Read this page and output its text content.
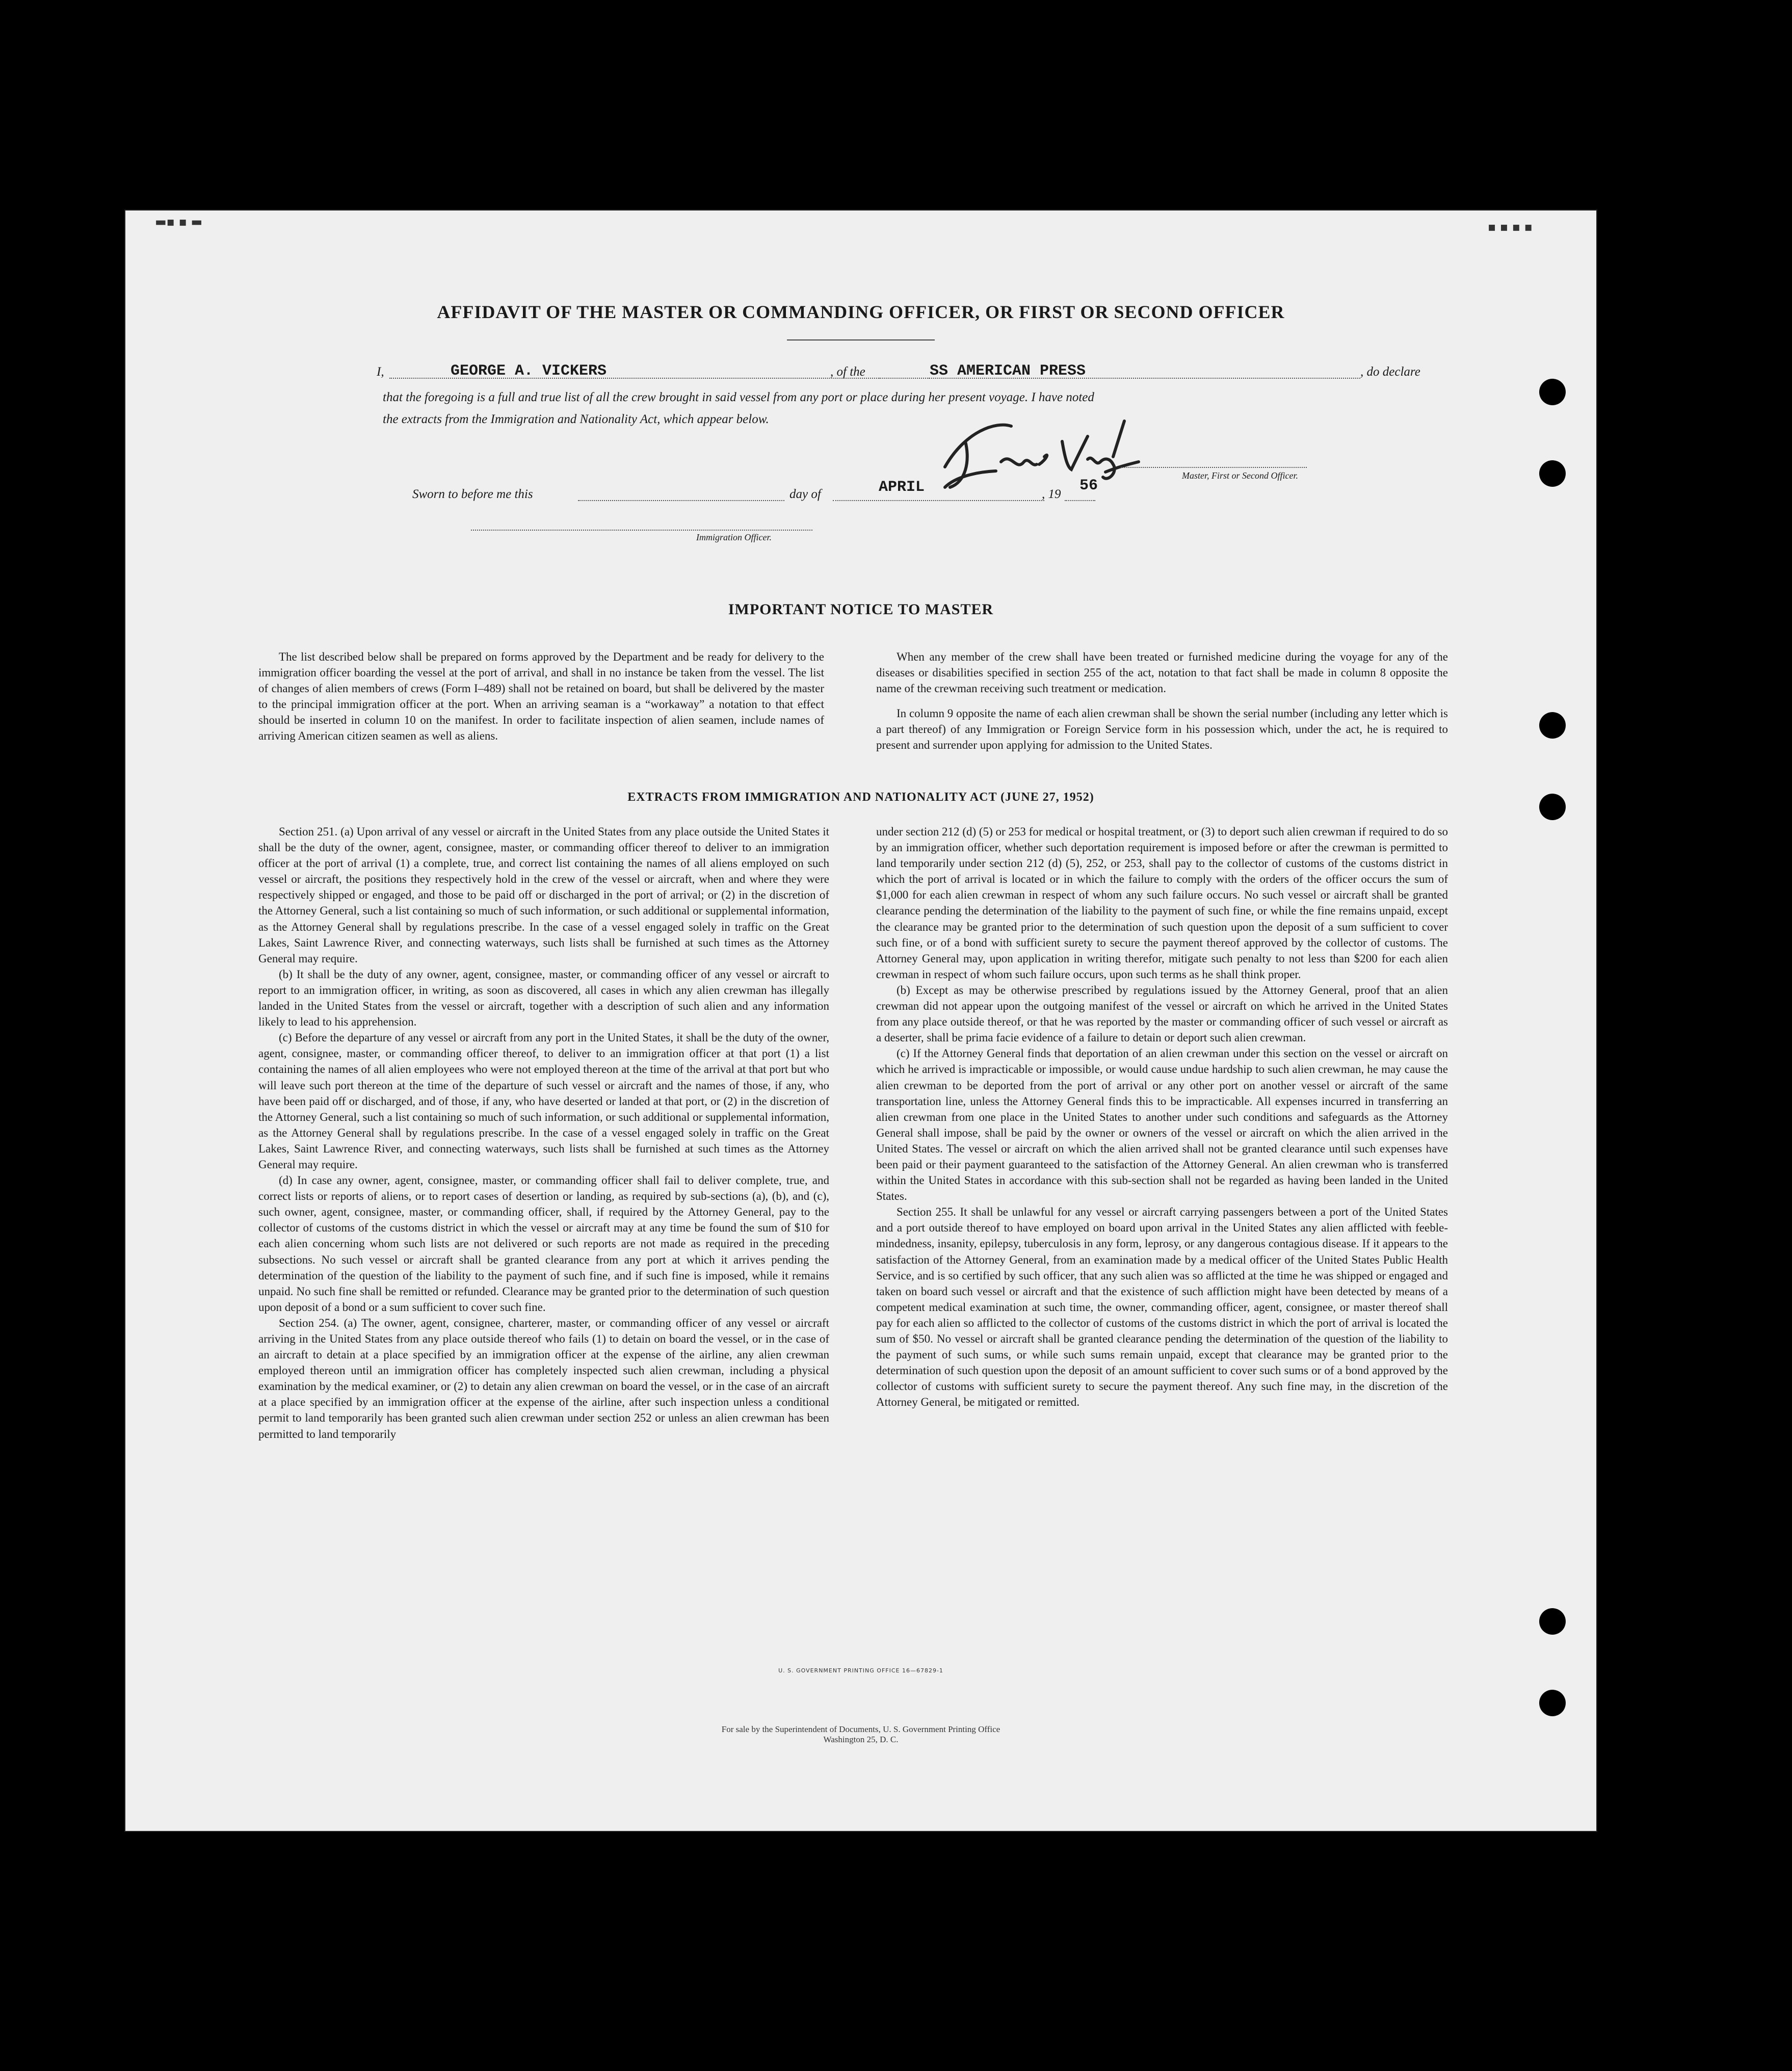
▬▪ ▪ ▬	▪ ▪ ▪ ▪
AFFIDAVIT OF THE MASTER OR COMMANDING OFFICER, OR FIRST OR SECOND OFFICER
I,	GEORGE A. VICKERS	, of the	SS AMERICAN PRESS	, do declare
that the foregoing is a full and true list of all the crew brought in said vessel from any port or place during her present voyage. I have noted
the extracts from the Immigration and Nationality Act, which appear below.
Master, First or Second Officer.
Sworn to before me this	day of	APRIL	, 19 56
Immigration Officer.
IMPORTANT NOTICE TO MASTER

The list described below shall be prepared on forms approved by the Department and be ready for delivery to the immigration officer boarding the vessel at the port of arrival, and shall in no instance be taken from the vessel. The list of changes of alien members of crews (Form I–489) shall not be retained on board, but shall be delivered by the master to the principal immigration officer at the port. When an arriving seaman is a “workaway” a notation to that effect should be inserted in column 10 on the manifest. In order to facilitate inspection of alien seamen, include names of arriving American citizen seamen as well as aliens.

When any member of the crew shall have been treated or furnished medicine during the voyage for any of the diseases or disabilities specified in section 255 of the act, notation to that fact shall be made in column 8 opposite the name of the crewman receiving such treatment or medication.

In column 9 opposite the name of each alien crewman shall be shown the serial number (including any letter which is a part thereof) of any Immigration or Foreign Service form in his possession which, under the act, he is required to present and surrender upon applying for admission to the United States.

EXTRACTS FROM IMMIGRATION AND NATIONALITY ACT (JUNE 27, 1952)

Section 251. (a) Upon arrival of any vessel or aircraft in the United States from any place outside the United States it shall be the duty of the owner, agent, consignee, master, or commanding officer thereof to deliver to an immigration officer at the port of arrival (1) a complete, true, and correct list containing the names of all aliens employed on such vessel or aircraft, the positions they respectively hold in the crew of the vessel or aircraft, when and where they were respectively shipped or engaged, and those to be paid off or discharged in the port of arrival; or (2) in the discretion of the Attorney General, such a list containing so much of such information, or such additional or supplemental information, as the Attorney General shall by regulations prescribe. In the case of a vessel engaged solely in traffic on the Great Lakes, Saint Lawrence River, and connecting waterways, such lists shall be furnished at such times as the Attorney General may require.

(b) It shall be the duty of any owner, agent, consignee, master, or commanding officer of any vessel or aircraft to report to an immigration officer, in writing, as soon as discovered, all cases in which any alien crewman has illegally landed in the United States from the vessel or aircraft, together with a description of such alien and any information likely to lead to his apprehension.

(c) Before the departure of any vessel or aircraft from any port in the United States, it shall be the duty of the owner, agent, consignee, master, or commanding officer thereof, to deliver to an immigration officer at that port (1) a list containing the names of all alien employees who were not employed thereon at the time of the arrival at that port but who will leave such port thereon at the time of the departure of such vessel or aircraft and the names of those, if any, who have been paid off or discharged, and of those, if any, who have deserted or landed at that port, or (2) in the discretion of the Attorney General, such a list containing so much of such information, or such additional or supplemental information, as the Attorney General shall by regulations prescribe. In the case of a vessel engaged solely in traffic on the Great Lakes, Saint Lawrence River, and connecting waterways, such lists shall be furnished at such times as the Attorney General may require.

(d) In case any owner, agent, consignee, master, or commanding officer shall fail to deliver complete, true, and correct lists or reports of aliens, or to report cases of desertion or landing, as required by sub-sections (a), (b), and (c), such owner, agent, consignee, master, or commanding officer, shall, if required by the Attorney General, pay to the collector of customs of the customs district in which the vessel or aircraft may at any time be found the sum of $10 for each alien concerning whom such lists are not delivered or such reports are not made as required in the preceding subsections. No such vessel or aircraft shall be granted clearance from any port at which it arrives pending the determination of the question of the liability to the payment of such fine, and if such fine is imposed, while it remains unpaid. No such fine shall be remitted or refunded. Clearance may be granted prior to the determination of such question upon deposit of a bond or a sum sufficient to cover such fine.

Section 254. (a) The owner, agent, consignee, charterer, master, or commanding officer of any vessel or aircraft arriving in the United States from any place outside thereof who fails (1) to detain on board the vessel, or in the case of an aircraft to detain at a place specified by an immigration officer at the expense of the airline, any alien crewman employed thereon until an immigration officer has completely inspected such alien crewman, including a physical examination by the medical examiner, or (2) to detain any alien crewman on board the vessel, or in the case of an aircraft at a place specified by an immigration officer at the expense of the airline, after such inspection unless a conditional permit to land temporarily has been granted such alien crewman under section 252 or unless an alien crewman has been permitted to land temporarily

under section 212 (d) (5) or 253 for medical or hospital treatment, or (3) to deport such alien crewman if required to do so by an immigration officer, whether such deportation requirement is imposed before or after the crewman is permitted to land temporarily under section 212 (d) (5), 252, or 253, shall pay to the collector of customs of the customs district in which the port of arrival is located or in which the failure to comply with the orders of the officer occurs the sum of $1,000 for each alien crewman in respect of whom any such failure occurs. No such vessel or aircraft shall be granted clearance pending the determination of the liability to the payment of such fine, or while the fine remains unpaid, except the clearance may be granted prior to the determination of such question upon the deposit of a sum sufficient to cover such fine, or of a bond with sufficient surety to secure the payment thereof approved by the collector of customs. The Attorney General may, upon application in writing therefor, mitigate such penalty to not less than $200 for each alien crewman in respect of whom such failure occurs, upon such terms as he shall think proper.

(b) Except as may be otherwise prescribed by regulations issued by the Attorney General, proof that an alien crewman did not appear upon the outgoing manifest of the vessel or aircraft on which he arrived in the United States from any place outside thereof, or that he was reported by the master or commanding officer of such vessel or aircraft as a deserter, shall be prima facie evidence of a failure to detain or deport such alien crewman.

(c) If the Attorney General finds that deportation of an alien crewman under this section on the vessel or aircraft on which he arrived is impracticable or impossible, or would cause undue hardship to such alien crewman, he may cause the alien crewman to be deported from the port of arrival or any other port on another vessel or aircraft of the same transportation line, unless the Attorney General finds this to be impracticable. All expenses incurred in transferring an alien crewman from one place in the United States to another under such conditions and safeguards as the Attorney General shall impose, shall be paid by the owner or owners of the vessel or aircraft on which the alien arrived in the United States. The vessel or aircraft on which the alien arrived shall not be granted clearance until such expenses have been paid or their payment guaranteed to the satisfaction of the Attorney General. An alien crewman who is transferred within the United States in accordance with this sub-section shall not be regarded as having been landed in the United States.

Section 255. It shall be unlawful for any vessel or aircraft carrying passengers between a port of the United States and a port outside thereof to have employed on board upon arrival in the United States any alien afflicted with feeble-mindedness, insanity, epilepsy, tuberculosis in any form, leprosy, or any dangerous contagious disease. If it appears to the satisfaction of the Attorney General, from an examination made by a medical officer of the United States Public Health Service, and is so certified by such officer, that any such alien was so afflicted at the time he was shipped or engaged and taken on board such vessel or aircraft and that the existence of such affliction might have been detected by means of a competent medical examination at such time, the owner, commanding officer, agent, consignee, or master thereof shall pay for each alien so afflicted to the collector of customs of the customs district in which the port of arrival is located the sum of $50. No vessel or aircraft shall be granted clearance pending the determination of the question of the liability to the payment of such sums, or while such sums remain unpaid, except that clearance may be granted prior to the determination of such question upon the deposit of an amount sufficient to cover such sums or of a bond approved by the collector of customs with sufficient surety to secure the payment thereof. Any such fine may, in the discretion of the Attorney General, be mitigated or remitted.

U. S. GOVERNMENT PRINTING OFFICE 16—67829-1
For sale by the Superintendent of Documents, U. S. Government Printing Office
Washington 25, D. C.
